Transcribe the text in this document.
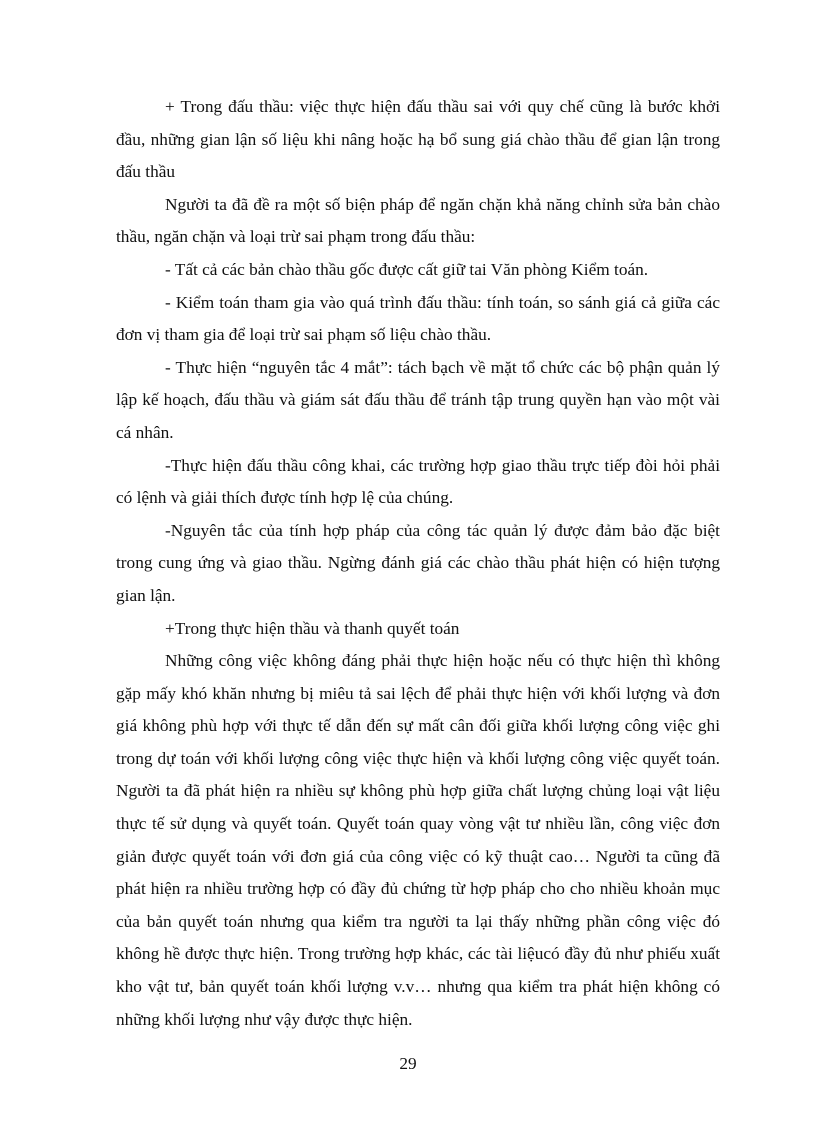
+ Trong đấu thầu: việc thực hiện đấu thầu sai với quy chế cũng là bước khởi đầu, những gian lận số liệu khi nâng hoặc hạ bổ sung giá chào thầu để gian lận trong đấu thầu

Người ta đã đề ra một số biện pháp để ngăn chặn khả năng chỉnh sửa bản chào thầu, ngăn chặn và loại trừ sai phạm trong đấu thầu:

- Tất cả các bản chào thầu gốc được cất giữ tai Văn phòng Kiểm toán.

- Kiểm toán tham gia vào quá trình đấu thầu: tính toán, so sánh giá cả giữa các đơn vị tham gia để loại trừ sai phạm số liệu chào thầu.

- Thực hiện “nguyên tắc 4 mắt”: tách bạch về mặt tổ chức các bộ phận quản lý lập kế hoạch, đấu thầu và giám sát đấu thầu để tránh tập trung quyền hạn vào một vài cá nhân.

-Thực hiện đấu thầu công khai, các trường hợp giao thầu trực tiếp đòi hỏi phải có lệnh và giải thích được tính hợp lệ của chúng.

-Nguyên tắc của tính hợp pháp của công tác quản lý được đảm bảo đặc biệt trong cung ứng và giao thầu. Ngừng đánh giá các chào thầu phát hiện có hiện tượng gian lận.

+Trong thực hiện thầu và thanh quyết toán

Những công việc không đáng phải thực hiện hoặc nếu có thực hiện thì không gặp mấy khó khăn nhưng bị miêu tả sai lệch để phải thực hiện với khối lượng và đơn giá không phù hợp với thực tế dẫn đến sự mất cân đối giữa khối lượng công việc ghi trong dự toán với khối lượng công việc thực hiện và khối lượng công việc quyết toán. Người ta đã phát hiện ra nhiều sự không phù hợp giữa chất lượng chủng loại vật liệu thực tế sử dụng và quyết toán. Quyết toán quay vòng vật tư nhiều lần, công việc đơn giản được quyết toán với đơn giá của công việc có kỹ thuật cao… Người ta cũng đã phát hiện ra nhiều trường hợp có đầy đủ chứng từ hợp pháp cho cho nhiều khoản mục của bản quyết toán nhưng qua kiểm tra người ta lại thấy những phần công việc đó không hề được thực hiện. Trong trường hợp khác, các tài liệucó đầy đủ như phiếu xuất kho vật tư, bản quyết toán khối lượng v.v… nhưng qua kiểm tra phát hiện không có những khối lượng như vậy được thực hiện.

29
